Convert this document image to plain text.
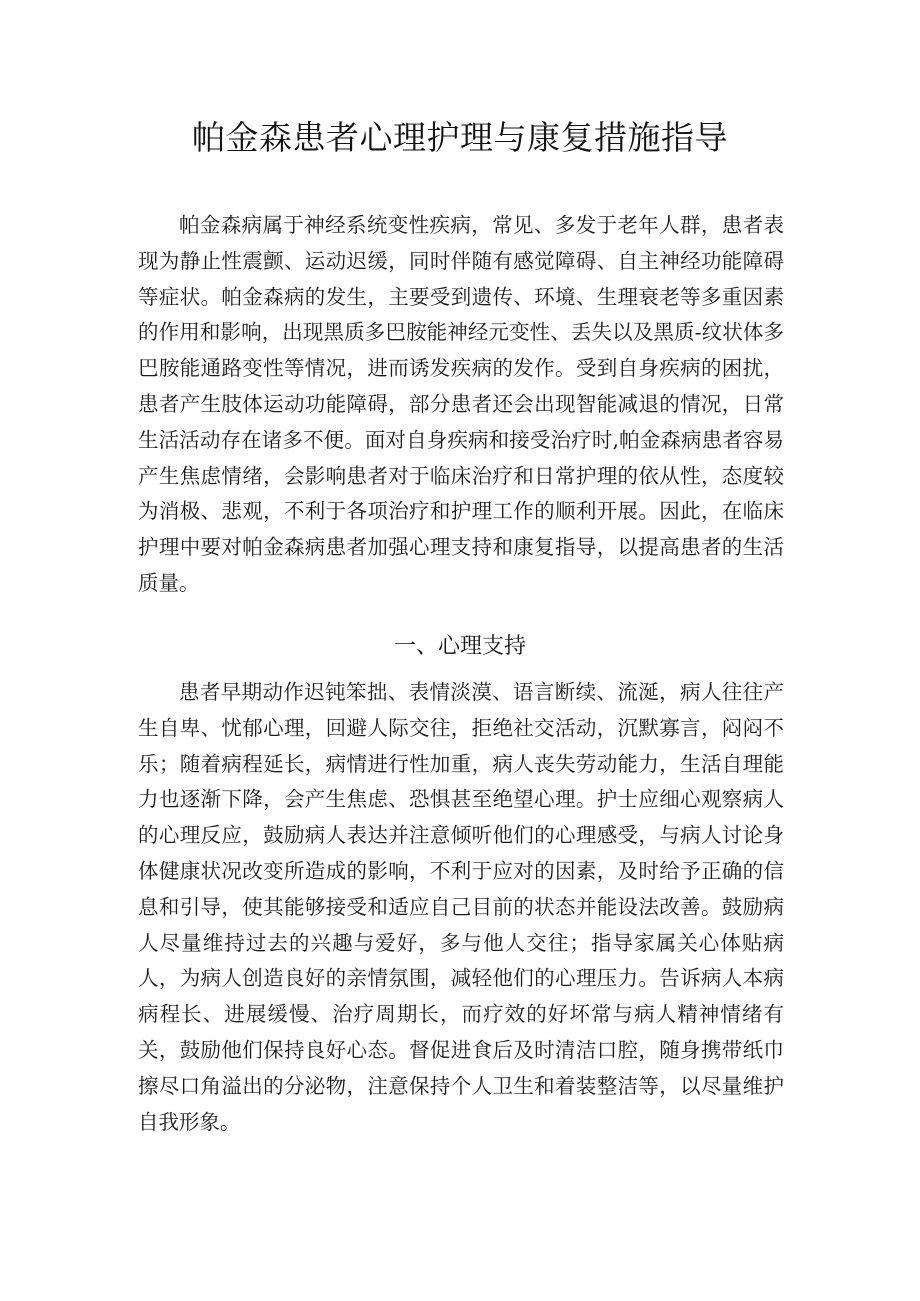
帕金森患者心理护理与康复措施指导

帕金森病属于神经系统变性疾病，常见、多发于老年人群，患者表现为静止性震颤、运动迟缓，同时伴随有感觉障碍、自主神经功能障碍等症状。帕金森病的发生，主要受到遗传、环境、生理衰老等多重因素的作用和影响，出现黑质多巴胺能神经元变性、丢失以及黑质-纹状体多巴胺能通路变性等情况，进而诱发疾病的发作。受到自身疾病的困扰，患者产生肢体运动功能障碍，部分患者还会出现智能减退的情况，日常生活活动存在诸多不便。面对自身疾病和接受治疗时,帕金森病患者容易产生焦虑情绪，会影响患者对于临床治疗和日常护理的依从性，态度较为消极、悲观，不利于各项治疗和护理工作的顺利开展。因此，在临床护理中要对帕金森病患者加强心理支持和康复指导，以提高患者的生活质量。

一、心理支持

患者早期动作迟钝笨拙、表情淡漠、语言断续、流涎，病人往往产生自卑、忧郁心理，回避人际交往，拒绝社交活动，沉默寡言，闷闷不乐；随着病程延长，病情进行性加重，病人丧失劳动能力，生活自理能力也逐渐下降，会产生焦虑、恐惧甚至绝望心理。护士应细心观察病人的心理反应，鼓励病人表达并注意倾听他们的心理感受，与病人讨论身体健康状况改变所造成的影响，不利于应对的因素，及时给予正确的信息和引导，使其能够接受和适应自己目前的状态并能设法改善。鼓励病人尽量维持过去的兴趣与爱好，多与他人交往；指导家属关心体贴病人，为病人创造良好的亲情氛围，减轻他们的心理压力。告诉病人本病病程长、进展缓慢、治疗周期长，而疗效的好坏常与病人精神情绪有关，鼓励他们保持良好心态。督促进食后及时清洁口腔，随身携带纸巾擦尽口角溢出的分泌物，注意保持个人卫生和着装整洁等，以尽量维护自我形象。
